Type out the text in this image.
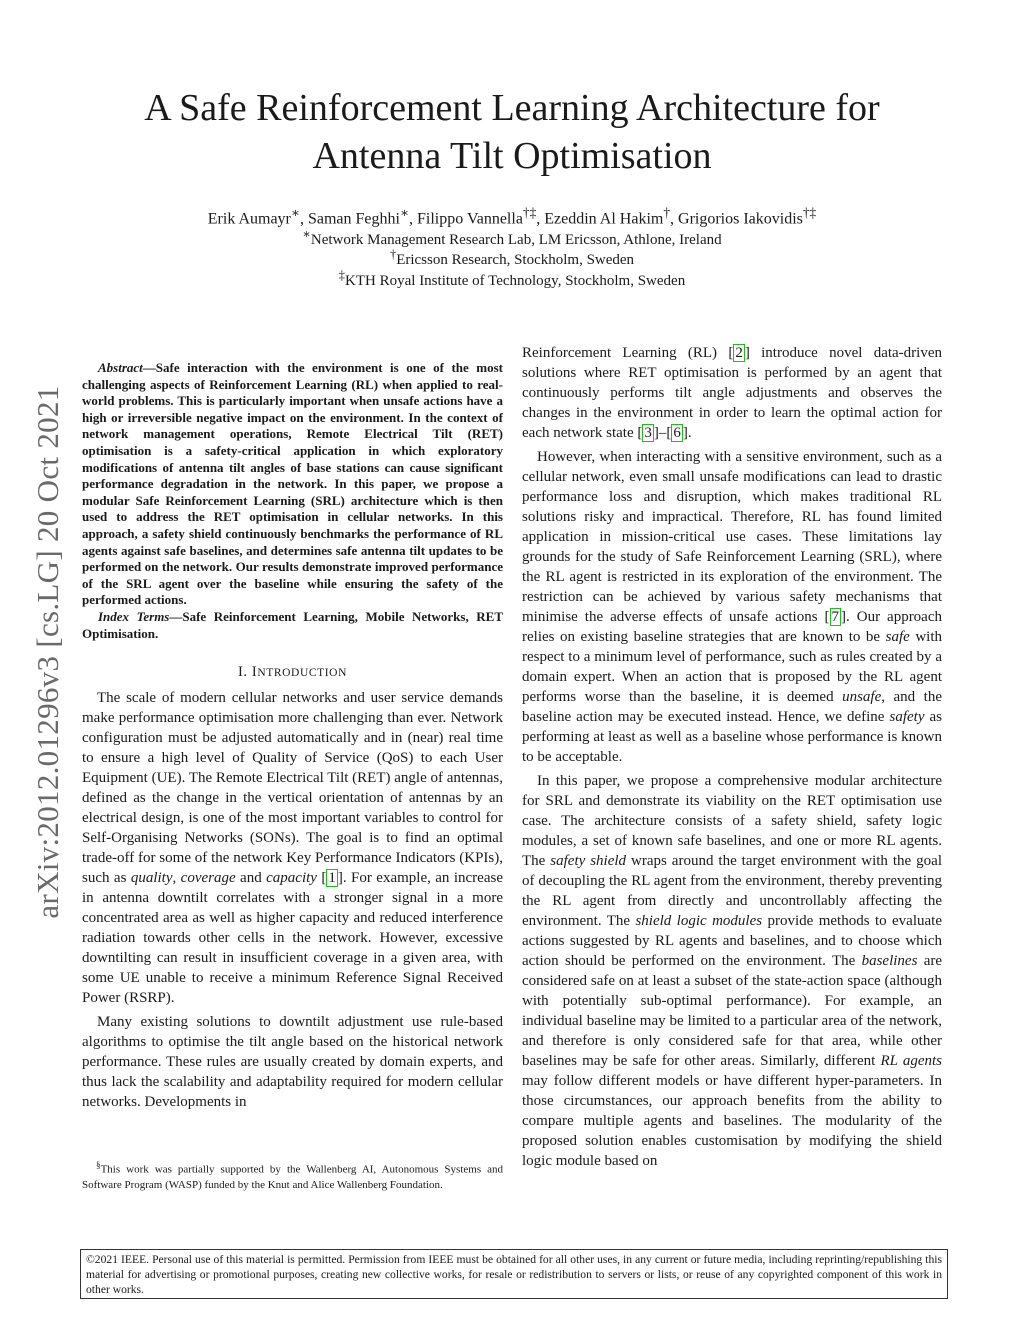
A Safe Reinforcement Learning Architecture for
Antenna Tilt Optimisation
Erik Aumayr∗, Saman Feghhi∗, Filippo Vannella†‡, Ezeddin Al Hakim†, Grigorios Iakovidis†‡
∗Network Management Research Lab, LM Ericsson, Athlone, Ireland
†Ericsson Research, Stockholm, Sweden
‡KTH Royal Institute of Technology, Stockholm, Sweden
arXiv:2012.01296v3 [cs.LG] 20 Oct 2021

Abstract—Safe interaction with the environment is one of the most challenging aspects of Reinforcement Learning (RL) when applied to real-world problems. This is particularly important when unsafe actions have a high or irreversible negative impact on the environment. In the context of network management operations, Remote Electrical Tilt (RET) optimisation is a safety-critical application in which exploratory modifications of antenna tilt angles of base stations can cause significant performance degradation in the network. In this paper, we propose a modular Safe Reinforcement Learning (SRL) architecture which is then used to address the RET optimisation in cellular networks. In this approach, a safety shield continuously benchmarks the performance of RL agents against safe baselines, and determines safe antenna tilt updates to be performed on the network. Our results demonstrate improved performance of the SRL agent over the baseline while ensuring the safety of the performed actions.

Index Terms—Safe Reinforcement Learning, Mobile Networks, RET Optimisation.

I. INTRODUCTION

The scale of modern cellular networks and user service demands make performance optimisation more challenging than ever. Network configuration must be adjusted automatically and in (near) real time to ensure a high level of Quality of Service (QoS) to each User Equipment (UE). The Remote Electrical Tilt (RET) angle of antennas, defined as the change in the vertical orientation of antennas by an electrical design, is one of the most important variables to control for Self-Organising Networks (SONs). The goal is to find an optimal trade-off for some of the network Key Performance Indicators (KPIs), such as quality, coverage and capacity [ 1 ]. For example, an increase in antenna downtilt correlates with a stronger signal in a more concentrated area as well as higher capacity and reduced interference radiation towards other cells in the network. However, excessive downtilting can result in insufficient coverage in a given area, with some UE unable to receive a minimum Reference Signal Received Power (RSRP).

Many existing solutions to downtilt adjustment use rule-based algorithms to optimise the tilt angle based on the historical network performance. These rules are usually created by domain experts, and thus lack the scalability and adaptability required for modern cellular networks. Developments in

§This work was partially supported by the Wallenberg AI, Autonomous Systems and Software Program (WASP) funded by the Knut and Alice Wallenberg Foundation.

Reinforcement Learning (RL) [ 2 ] introduce novel data-driven solutions where RET optimisation is performed by an agent that continuously performs tilt angle adjustments and observes the changes in the environment in order to learn the optimal action for each network state [ 3 ]–[ 6 ].

However, when interacting with a sensitive environment, such as a cellular network, even small unsafe modifications can lead to drastic performance loss and disruption, which makes traditional RL solutions risky and impractical. Therefore, RL has found limited application in mission-critical use cases. These limitations lay grounds for the study of Safe Reinforcement Learning (SRL), where the RL agent is restricted in its exploration of the environment. The restriction can be achieved by various safety mechanisms that minimise the adverse effects of unsafe actions [ 7 ]. Our approach relies on existing baseline strategies that are known to be safe with respect to a minimum level of performance, such as rules created by a domain expert. When an action that is proposed by the RL agent performs worse than the baseline, it is deemed unsafe, and the baseline action may be executed instead. Hence, we define safety as performing at least as well as a baseline whose performance is known to be acceptable.

In this paper, we propose a comprehensive modular architecture for SRL and demonstrate its viability on the RET optimisation use case. The architecture consists of a safety shield, safety logic modules, a set of known safe baselines, and one or more RL agents. The safety shield wraps around the target environment with the goal of decoupling the RL agent from the environment, thereby preventing the RL agent from directly and uncontrollably affecting the environment. The shield logic modules provide methods to evaluate actions suggested by RL agents and baselines, and to choose which action should be performed on the environment. The baselines are considered safe on at least a subset of the state-action space (although with potentially sub-optimal performance). For example, an individual baseline may be limited to a particular area of the network, and therefore is only considered safe for that area, while other baselines may be safe for other areas. Similarly, different RL agents may follow different models or have different hyper-parameters. In those circumstances, our approach benefits from the ability to compare multiple agents and baselines. The modularity of the proposed solution enables customisation by modifying the shield logic module based on

©2021 IEEE. Personal use of this material is permitted. Permission from IEEE must be obtained for all other uses, in any current or future media, including reprinting/republishing this material for advertising or promotional purposes, creating new collective works, for resale or redistribution to servers or lists, or reuse of any copyrighted component of this work in other works.
